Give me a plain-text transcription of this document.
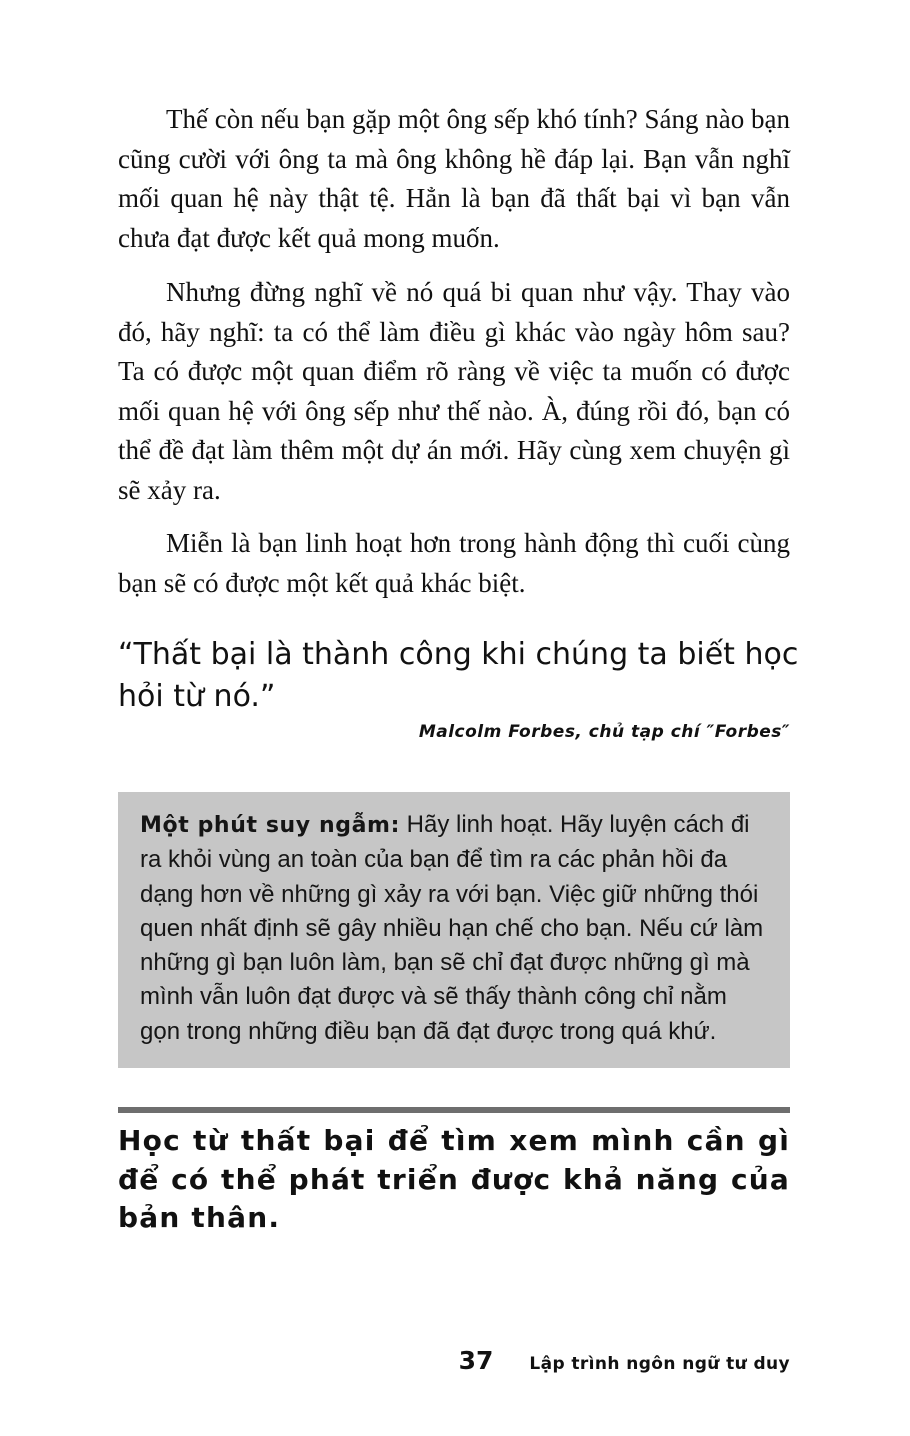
Thế còn nếu bạn gặp một ông sếp khó tính? Sáng nào bạn cũng cười với ông ta mà ông không hề đáp lại. Bạn vẫn nghĩ mối quan hệ này thật tệ. Hẳn là bạn đã thất bại vì bạn vẫn chưa đạt được kết quả mong muốn.

Nhưng đừng nghĩ về nó quá bi quan như vậy. Thay vào đó, hãy nghĩ: ta có thể làm điều gì khác vào ngày hôm sau? Ta có được một quan điểm rõ ràng về việc ta muốn có được mối quan hệ với ông sếp như thế nào. À, đúng rồi đó, bạn có thể đề đạt làm thêm một dự án mới. Hãy cùng xem chuyện gì sẽ xảy ra.

Miễn là bạn linh hoạt hơn trong hành động thì cuối cùng bạn sẽ có được một kết quả khác biệt.

“Thất bại là thành công khi chúng ta biết học hỏi từ nó.”

Malcolm Forbes, chủ tạp chí ″Forbes″

Một phút suy ngẫm: Hãy linh hoạt. Hãy luyện cách đi ra khỏi vùng an toàn của bạn để tìm ra các phản hồi đa dạng hơn về những gì xảy ra với bạn. Việc giữ những thói quen nhất định sẽ gây nhiều hạn chế cho bạn. Nếu cứ làm những gì bạn luôn làm, bạn sẽ chỉ đạt được những gì mà mình vẫn luôn đạt được và sẽ thấy thành công chỉ nằm gọn trong những điều bạn đã đạt được trong quá khứ.

Học từ thất bại để tìm xem mình cần gì để có thể phát triển được khả năng của bản thân.

37 Lập trình ngôn ngữ tư duy
